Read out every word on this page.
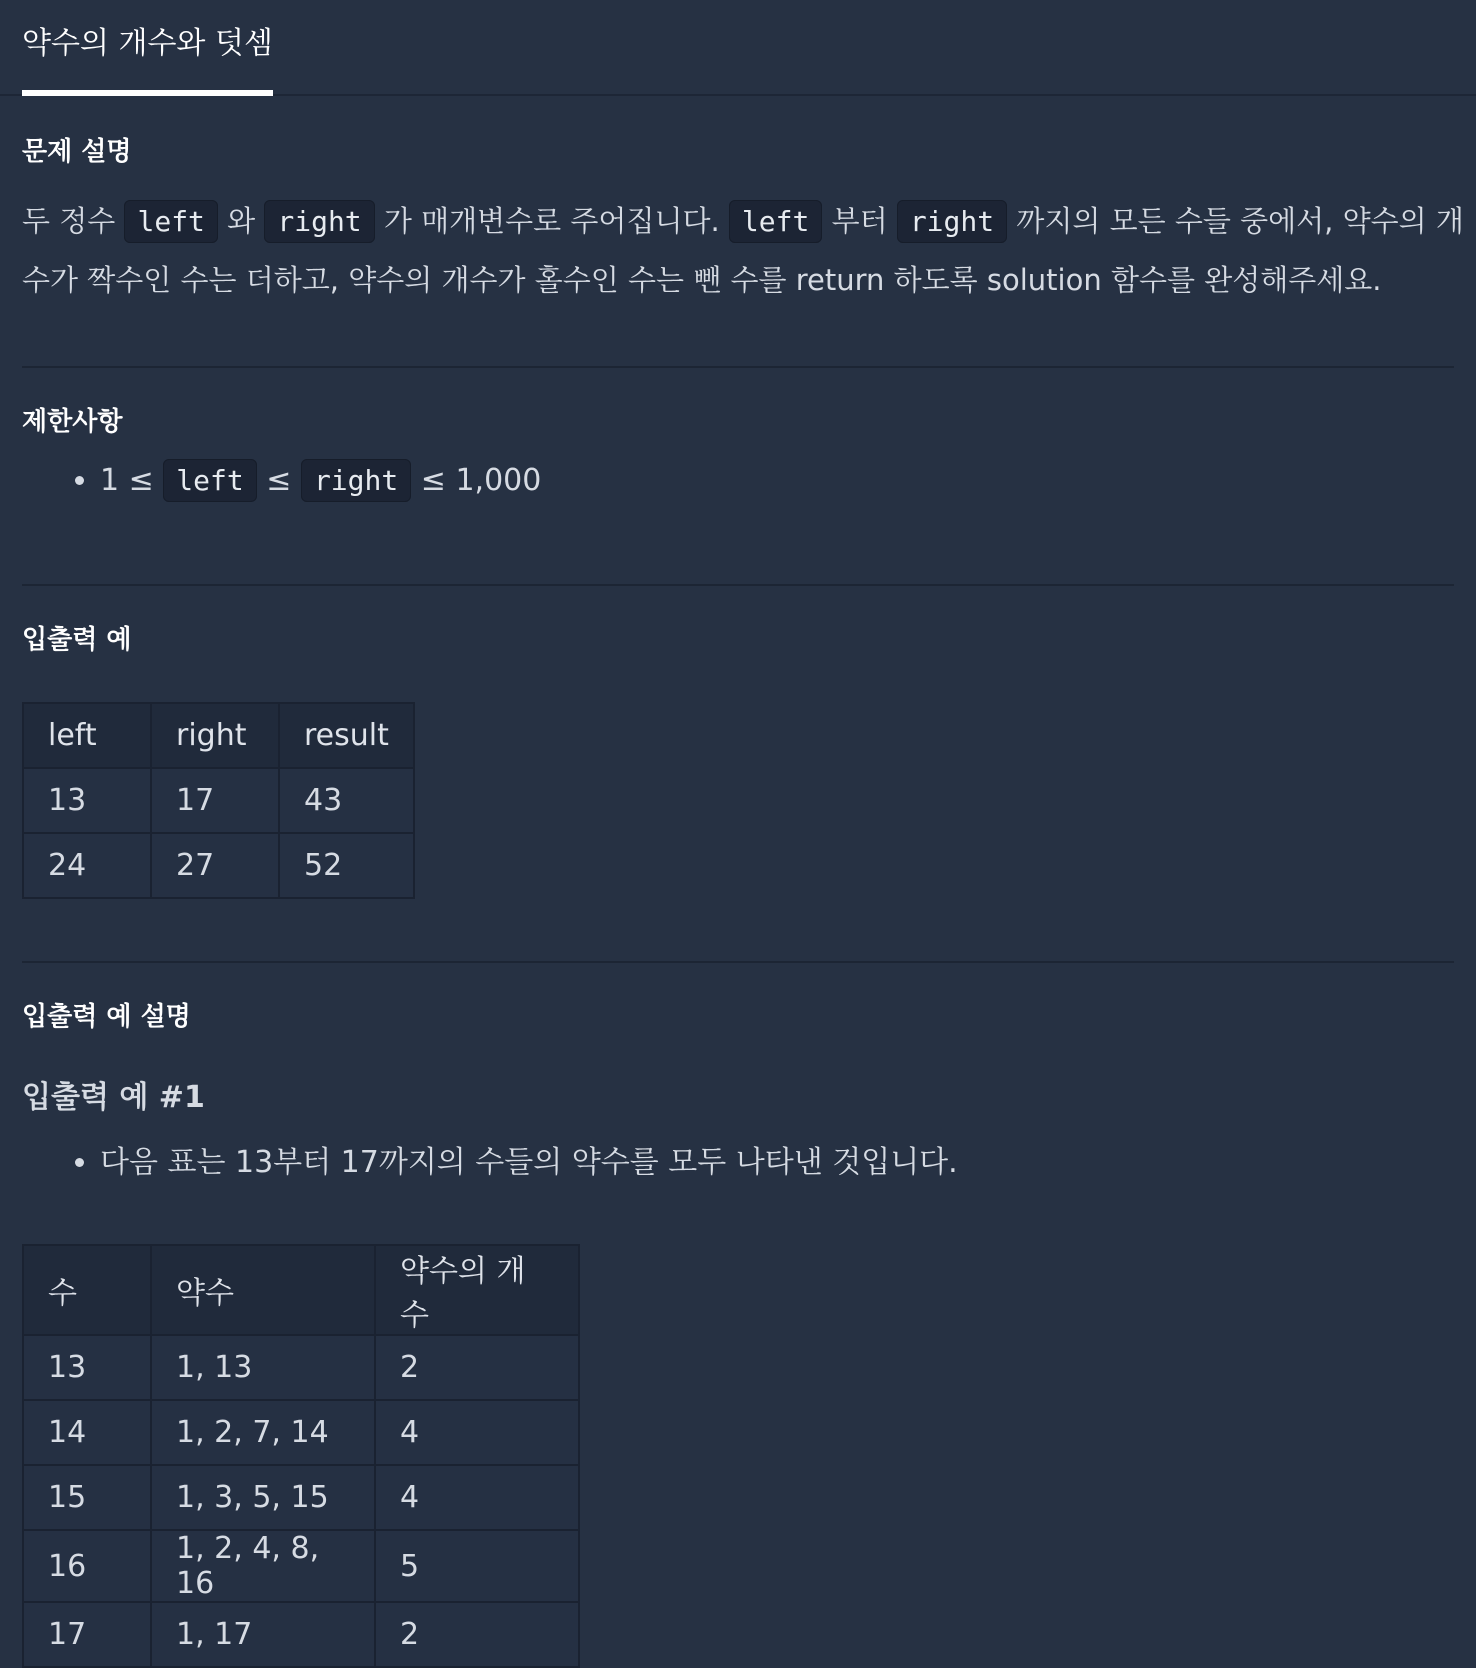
약수의 개수와 덧셈
문제 설명

두 정수 left 와 right 가 매개변수로 주어집니다. left 부터 right 까지의 모든 수들 중에서, 약수의 개수가 짝수인 수는 더하고, 약수의 개수가 홀수인 수는 뺀 수를 return 하도록 solution 함수를 완성해주세요.

제한사항
• 1 ≤ left ≤ right ≤ 1,000
입출력 예
left	right	result
13	17	43
24	27	52
입출력 예 설명
입출력 예 #1
• 다음 표는 13부터 17까지의 수들의 약수를 모두 나타낸 것입니다.
수	약수	약수의 개수
13	1, 13	2
14	1, 2, 7, 14	4
15	1, 3, 5, 15	4
16	1, 2, 4, 8, 16	5
17	1, 17	2
